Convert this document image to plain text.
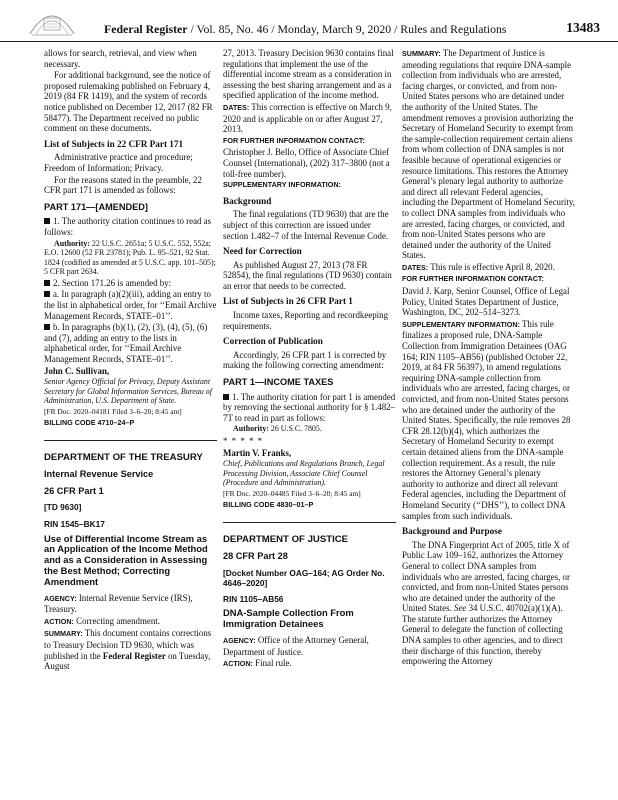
Federal Register / Vol. 85, No. 46 / Monday, March 9, 2020 / Rules and Regulations	13483

allows for search, retrieval, and view when necessary.

For additional background, see the notice of proposed rulemaking published on February 4, 2019 (84 FR 1419), and the system of records notice published on December 12, 2017 (82 FR 58477). The Department received no public comment on these documents.

List of Subjects in 22 CFR Part 171

Administrative practice and procedure; Freedom of Information; Privacy.

For the reasons stated in the preamble, 22 CFR part 171 is amended as follows:

PART 171—[AMENDED]

1. The authority citation continues to read as follows:

Authority: 22 U.S.C. 2651a; 5 U.S.C. 552, 552a; E.O. 12600 (52 FR 23781); Pub. L. 95–521, 92 Stat. 1824 (codified as amended at 5 U.S.C. app. 101–505); 5 CFR part 2634.

2. Section 171.26 is amended by:

a. In paragraph (a)(2)(iii), adding an entry to the list in alphabetical order, for ‘‘Email Archive Management Records, STATE–01’’.

b. In paragraphs (b)(1), (2), (3), (4), (5), (6) and (7), adding an entry to the lists in alphabetical order, for ‘‘Email Archive Management Records, STATE–01’’.

John C. Sullivan,

Senior Agency Official for Privacy, Deputy Assistant Secretary for Global Information Services, Bureau of Administration, U.S. Department of State.

[FR Doc. 2020–04181 Filed 3–6–20; 8:45 am]

BILLING CODE 4710–24–P

DEPARTMENT OF THE TREASURY
Internal Revenue Service
26 CFR Part 1
[TD 9630]
RIN 1545–BK17
Use of Differential Income Stream as an Application of the Income Method and as a Consideration in Assessing the Best Method; Correcting Amendment

AGENCY: Internal Revenue Service (IRS), Treasury.

ACTION: Correcting amendment.

SUMMARY: This document contains corrections to Treasury Decision TD 9630, which was published in the Federal Register on Tuesday, August

27, 2013. Treasury Decision 9630 contains final regulations that implement the use of the differential income stream as a consideration in assessing the best sharing arrangement and as a specified application of the income method.

DATES: This correction is effective on March 9, 2020 and is applicable on or after August 27, 2013.

FOR FURTHER INFORMATION CONTACT:

Christopher J. Bello, Office of Associate Chief Counsel (International), (202) 317–3800 (not a toll-free number).

SUPPLEMENTARY INFORMATION:

Background

The final regulations (TD 9630) that are the subject of this correction are issued under section 1.482–7 of the Internal Revenue Code.

Need for Correction

As published August 27, 2013 (78 FR 52854), the final regulations (TD 9630) contain an error that needs to be corrected.

List of Subjects in 26 CFR Part 1

Income taxes, Reporting and recordkeeping requirements.

Correction of Publication

Accordingly, 26 CFR part 1 is corrected by making the following correcting amendment:

PART 1—INCOME TAXES

1. The authority citation for part 1 is amended by removing the sectional authority for § 1.482–7T to read in part as follows:

Authority: 26 U.S.C. 7805.

* * * * *

Martin V. Franks,

Chief, Publications and Regulations Branch, Legal Processing Division, Associate Chief Counsel (Procedure and Administration).

[FR Doc. 2020–04485 Filed 3–6–20; 8:45 am]

BILLING CODE 4830–01–P

DEPARTMENT OF JUSTICE
28 CFR Part 28
[Docket Number OAG–164; AG Order No. 4646–2020]
RIN 1105–AB56
DNA-Sample Collection From Immigration Detainees

AGENCY: Office of the Attorney General, Department of Justice.

ACTION: Final rule.

SUMMARY: The Department of Justice is amending regulations that require DNA-sample collection from individuals who are arrested, facing charges, or convicted, and from non-United States persons who are detained under the authority of the United States. The amendment removes a provision authorizing the Secretary of Homeland Security to exempt from the sample-collection requirement certain aliens from whom collection of DNA samples is not feasible because of operational exigencies or resource limitations. This restores the Attorney General’s plenary legal authority to authorize and direct all relevant Federal agencies, including the Department of Homeland Security, to collect DNA samples from individuals who are arrested, facing charges, or convicted, and from non-United States persons who are detained under the authority of the United States.

DATES: This rule is effective April 8, 2020.

FOR FURTHER INFORMATION CONTACT:

David J. Karp, Senior Counsel, Office of Legal Policy, United States Department of Justice, Washington, DC, 202–514–3273.

SUPPLEMENTARY INFORMATION: This rule finalizes a proposed rule, DNA-Sample Collection from Immigration Detainees (OAG 164; RIN 1105–AB56) (published October 22, 2019, at 84 FR 56397), to amend regulations requiring DNA-sample collection from individuals who are arrested, facing charges, or convicted, and from non-United States persons who are detained under the authority of the United States. Specifically, the rule removes 28 CFR 28.12(b)(4), which authorizes the Secretary of Homeland Security to exempt certain detained aliens from the DNA-sample collection requirement. As a result, the rule restores the Attorney General’s plenary authority to authorize and direct all relevant Federal agencies, including the Department of Homeland Security (‘‘DHS’’), to collect DNA samples from such individuals.

Background and Purpose

The DNA Fingerprint Act of 2005, title X of Public Law 109–162, authorizes the Attorney General to collect DNA samples from individuals who are arrested, facing charges, or convicted, and from non-United States persons who are detained under the authority of the United States. See 34 U.S.C. 40702(a)(1)(A). The statute further authorizes the Attorney General to delegate the function of collecting DNA samples to other agencies, and to direct their discharge of this function, thereby empowering the Attorney
